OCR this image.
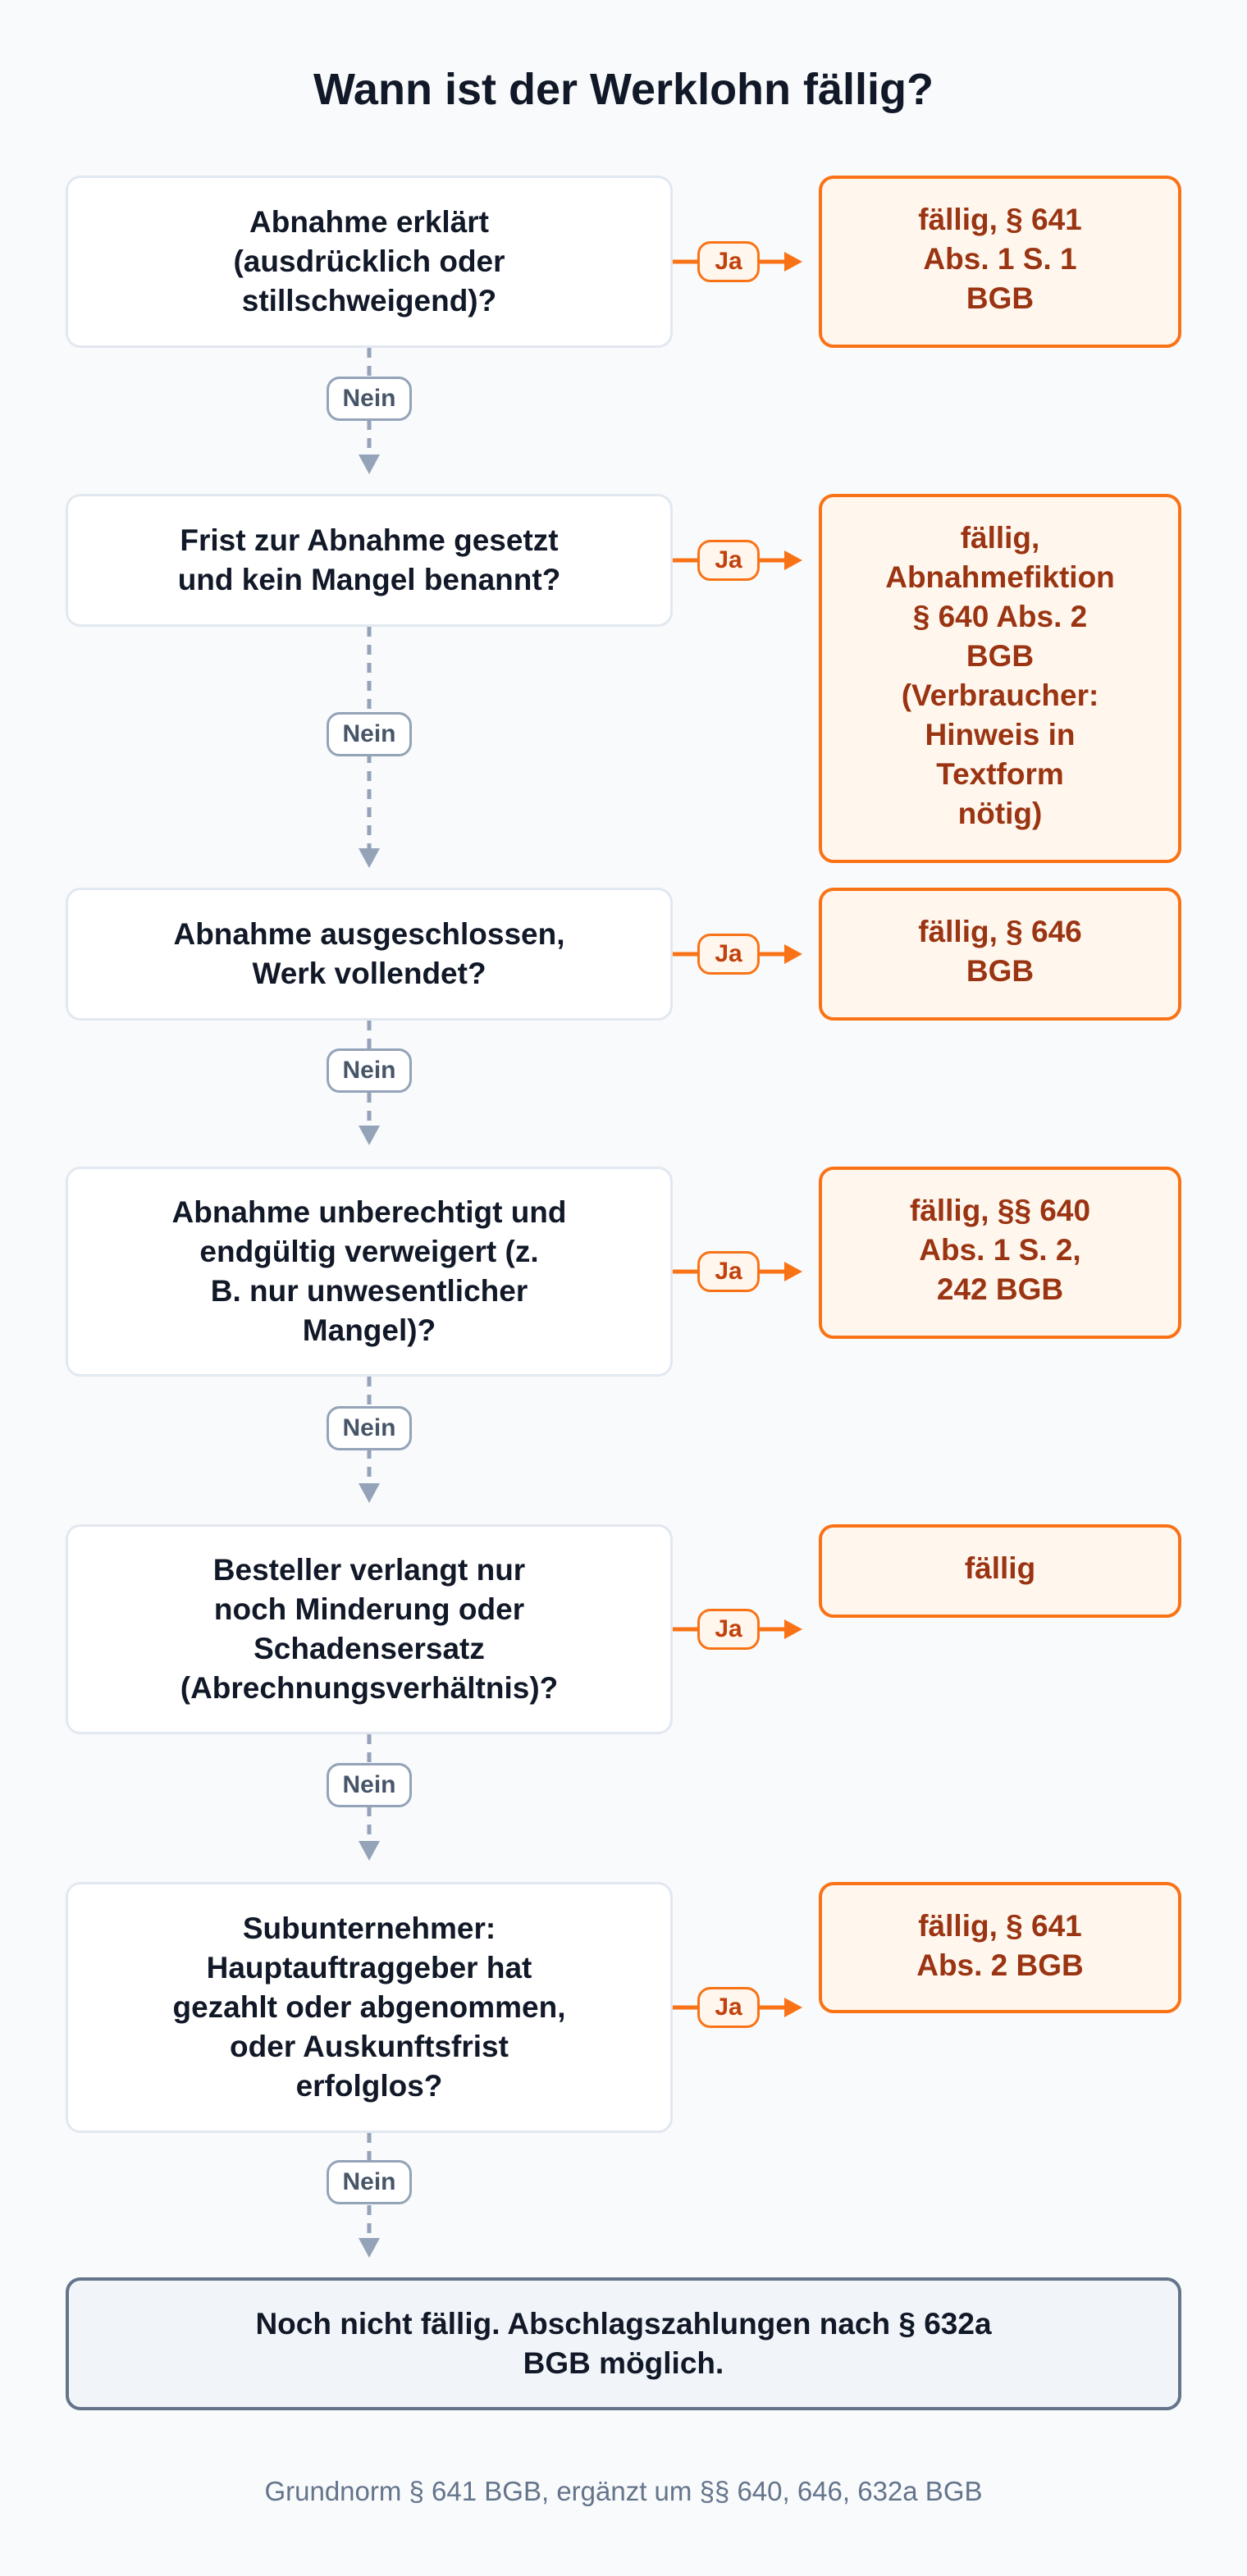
Wann ist der Werklohn fällig?
Abnahme erklärt
(ausdrücklich oder
stillschweigend)?
fällig, § 641
Abs. 1 S. 1
BGB
Ja
Nein
Frist zur Abnahme gesetzt
und kein Mangel benannt?
fällig,
Abnahmefiktion
§ 640 Abs. 2
BGB
(Verbraucher:
Hinweis in
Textform
nötig)
Ja
Nein
Abnahme ausgeschlossen,
Werk vollendet?
fällig, § 646
BGB
Ja
Nein
Abnahme unberechtigt und
endgültig verweigert (z.
B. nur unwesentlicher
Mangel)?
fällig, §§ 640
Abs. 1 S. 2,
242 BGB
Ja
Nein
Besteller verlangt nur
noch Minderung oder
Schadensersatz
(Abrechnungsverhältnis)?
fällig
Ja
Nein
Subunternehmer:
Hauptauftraggeber hat
gezahlt oder abgenommen,
oder Auskunftsfrist
erfolglos?
fällig, § 641
Abs. 2 BGB
Ja
Nein
Noch nicht fällig. Abschlagszahlungen nach § 632a
BGB möglich.
Grundnorm § 641 BGB, ergänzt um §§ 640, 646, 632a BGB
